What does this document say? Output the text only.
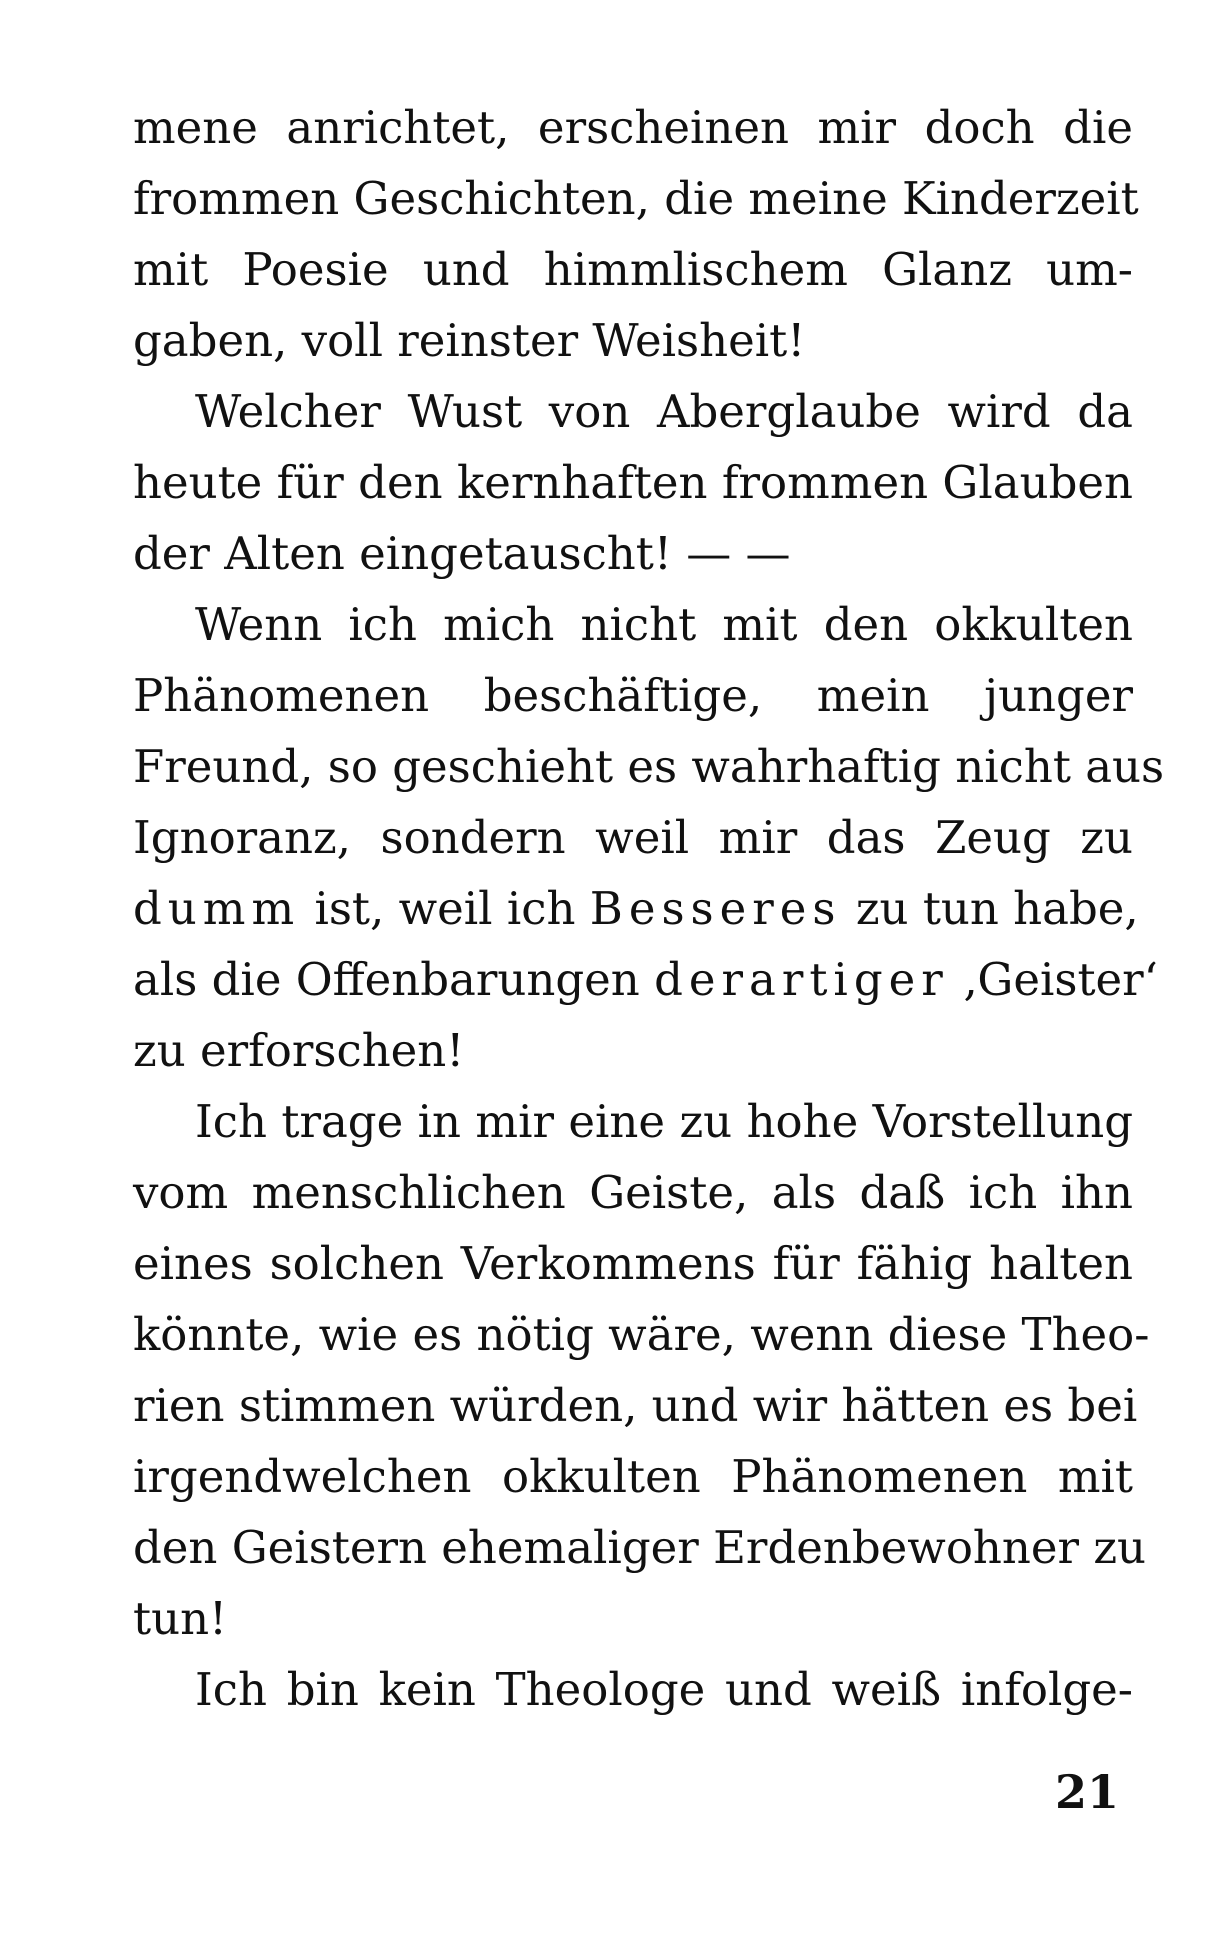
mene anrichtet, erscheinen mir doch die
frommen Geschichten, die meine Kinderzeit
mit Poesie und himmlischem Glanz um-
gaben, voll reinster Weisheit!
Welcher Wust von Aberglaube wird da
heute für den kernhaften frommen Glauben
der Alten eingetauscht! — —
Wenn ich mich nicht mit den okkulten
Phänomenen beschäftige, mein junger
Freund, so geschieht es wahrhaftig nicht aus
Ignoranz, sondern weil mir das Zeug zu
dumm ist, weil ich Besseres zu tun habe,
als die Offenbarungen derartiger ‚Geister‘
zu erforschen!
Ich trage in mir eine zu hohe Vorstellung
vom menschlichen Geiste, als daß ich ihn
eines solchen Verkommens für fähig halten
könnte, wie es nötig wäre, wenn diese Theo-
rien stimmen würden, und wir hätten es bei
irgendwelchen okkulten Phänomenen mit
den Geistern ehemaliger Erdenbewohner zu
tun!
Ich bin kein Theologe und weiß infolge-
21
